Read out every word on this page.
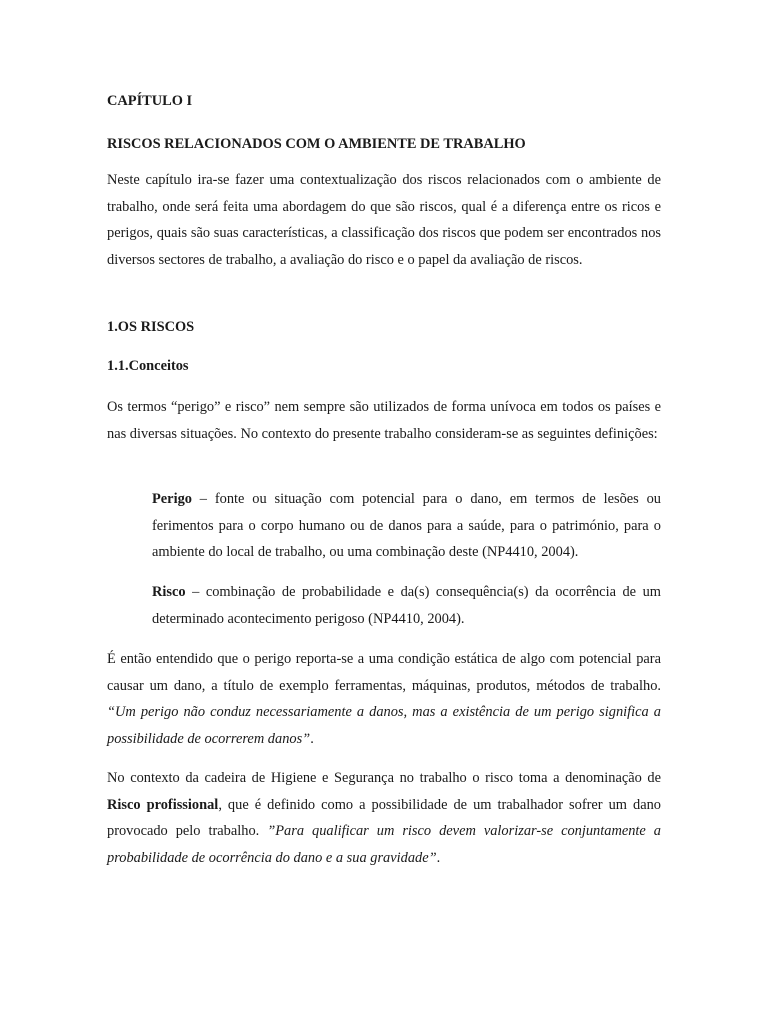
CAPÍTULO I

RISCOS RELACIONADOS COM O AMBIENTE DE TRABALHO

Neste capítulo ira-se fazer uma contextualização dos riscos relacionados com o ambiente de trabalho, onde será feita uma abordagem do que são riscos, qual é a diferença entre os ricos e perigos, quais são suas características, a classificação dos riscos que podem ser encontrados nos diversos sectores de trabalho, a avaliação do risco e o papel da avaliação de riscos.

1.OS RISCOS

1.1.Conceitos

Os termos “perigo” e risco” nem sempre são utilizados de forma unívoca em todos os países e nas diversas situações. No contexto do presente trabalho consideram-se as seguintes definições:

Perigo – fonte ou situação com potencial para o dano, em termos de lesões ou ferimentos para o corpo humano ou de danos para a saúde, para o património, para o ambiente do local de trabalho, ou uma combinação deste (NP4410, 2004).

Risco – combinação de probabilidade e da(s) consequência(s) da ocorrência de um determinado acontecimento perigoso (NP4410, 2004).

É então entendido que o perigo reporta-se a uma condição estática de algo com potencial para causar um dano, a título de exemplo ferramentas, máquinas, produtos, métodos de trabalho. “Um perigo não conduz necessariamente a danos, mas a existência de um perigo significa a possibilidade de ocorrerem danos”.

No contexto da cadeira de Higiene e Segurança no trabalho o risco toma a denominação de Risco profissional, que é definido como a possibilidade de um trabalhador sofrer um dano provocado pelo trabalho. ”Para qualificar um risco devem valorizar-se conjuntamente a probabilidade de ocorrência do dano e a sua gravidade”.
